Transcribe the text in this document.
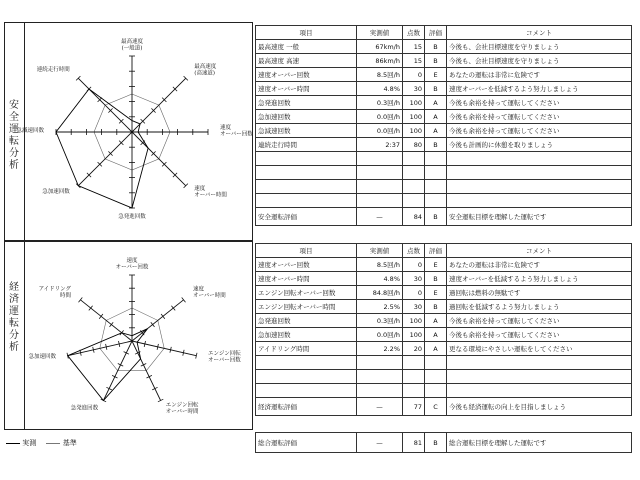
安全運転分析
経済運転分析
最高速度(一般道)
最高速度(高速道)
速度オーバー回数
速度オーバー時間
急発進回数
急加速回数
急減速回数
連続走行時間
速度オーバー回数
速度オーバー時間
エンジン回転オーバー回数
エンジン回転オーバー時間
急発進回数
急加速回数
アイドリング時間
項目	実測値	点数	評価	コメント
最高速度 一般	67km/h	15	B	今後も、会社目標速度を守りましょう
最高速度 高速	86km/h	15	B	今後も、会社目標速度を守りましょう
速度オーバー回数	8.5回/h	0	E	あなたの運転は非常に危険です
速度オーバー時間	4.8%	30	B	速度オーバーを低減するよう努力しましょう
急発進回数	0.3回/h	100	A	今後も余裕を持って運転してください
急加速回数	0.0回/h	100	A	今後も余裕を持って運転してください
急減速回数	0.0回/h	100	A	今後も余裕を持って運転してください
連続走行時間	2:37	80	B	今後も計画的に休憩を取りましょう

安全運転評価	—	84	B	安全運転目標を理解した運転です
項目	実測値	点数	評価	コメント
速度オーバー回数	8.5回/h	0	E	あなたの運転は非常に危険です
速度オーバー時間	4.8%	30	B	速度オーバーを低減するよう努力しましょう
エンジン回転オーバー回数	84.8回/h	0	E	過回転は燃料の無駄です
エンジン回転オーバー時間	2.5%	30	B	過回転を低減するよう努力しましょう
急発進回数	0.3回/h	100	A	今後も余裕を持って運転してください
急加速回数	0.0回/h	100	A	今後も余裕を持って運転してください
アイドリング時間	2.2%	20	A	更なる環境にやさしい運転をしてください

経済運転評価	—	77	C	今後も経済運転の向上を目指しましょう
総合運転評価	—	81	B	総合運転目標を理解した運転です
実測	基準
